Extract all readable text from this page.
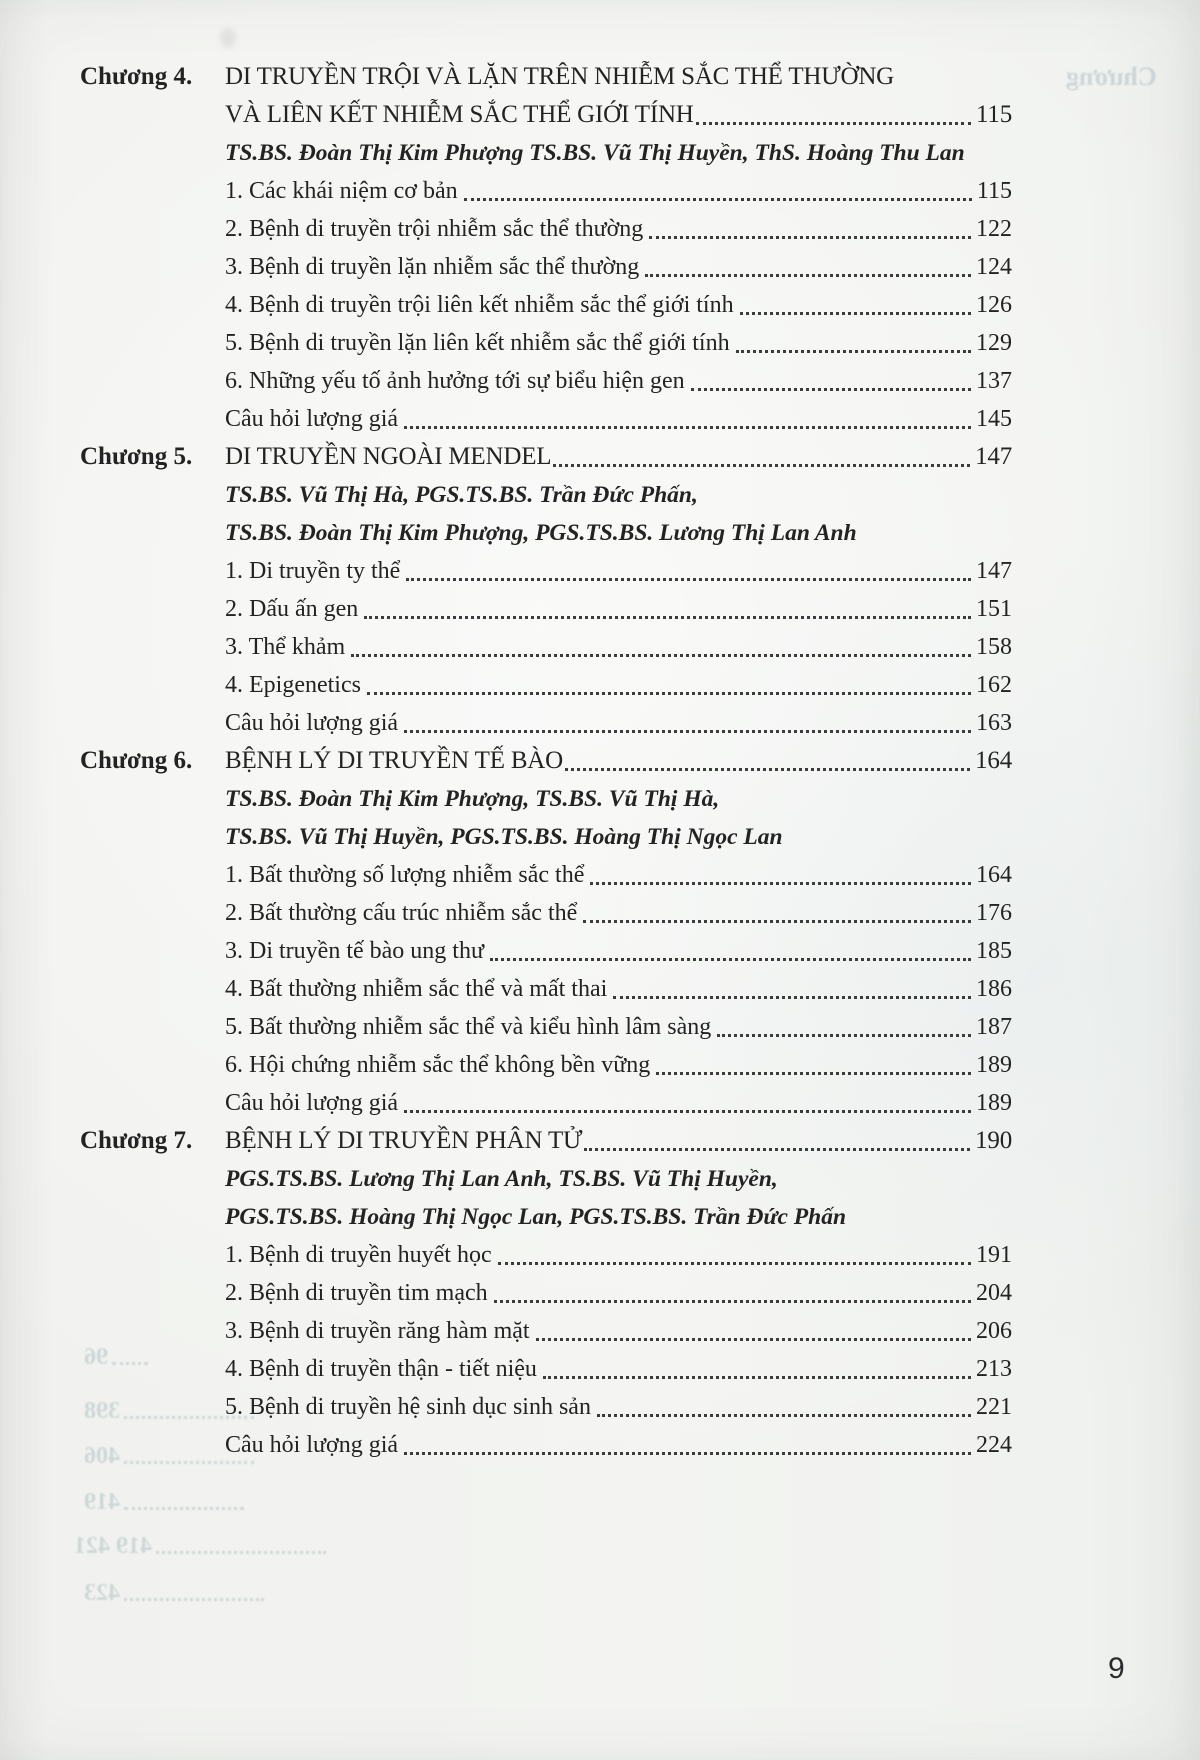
Chương
96
398
406
419
419 421
423
Chương 4.	DI TRUYỀN TRỘI VÀ LẶN TRÊN NHIỄM SẮC THỂ THƯỜNG
VÀ LIÊN KẾT NHIỄM SẮC THỂ GIỚI TÍNH	115
TS.BS. Đoàn Thị Kim Phượng TS.BS. Vũ Thị Huyền, ThS. Hoàng Thu Lan
1. Các khái niệm cơ bản	115
2. Bệnh di truyền trội nhiễm sắc thể thường	122
3. Bệnh di truyền lặn nhiễm sắc thể thường	124
4. Bệnh di truyền trội liên kết nhiễm sắc thể giới tính	126
5. Bệnh di truyền lặn liên kết nhiễm sắc thể giới tính	129
6. Những yếu tố ảnh hưởng tới sự biểu hiện gen	137
Câu hỏi lượng giá	145
Chương 5.	DI TRUYỀN NGOÀI MENDEL	147
TS.BS. Vũ Thị Hà, PGS.TS.BS. Trần Đức Phấn,
TS.BS. Đoàn Thị Kim Phượng, PGS.TS.BS. Lương Thị Lan Anh
1. Di truyền ty thể	147
2. Dấu ấn gen	151
3. Thể khảm	158
4. Epigenetics	162
Câu hỏi lượng giá	163
Chương 6.	BỆNH LÝ DI TRUYỀN TẾ BÀO	164
TS.BS. Đoàn Thị Kim Phượng, TS.BS. Vũ Thị Hà,
TS.BS. Vũ Thị Huyền, PGS.TS.BS. Hoàng Thị Ngọc Lan
1. Bất thường số lượng nhiễm sắc thể	164
2. Bất thường cấu trúc nhiễm sắc thể	176
3. Di truyền tế bào ung thư	185
4. Bất thường nhiễm sắc thể và mất thai	186
5. Bất thường nhiễm sắc thể và kiểu hình lâm sàng	187
6. Hội chứng nhiễm sắc thể không bền vững	189
Câu hỏi lượng giá	189
Chương 7.	BỆNH LÝ DI TRUYỀN PHÂN TỬ	190
PGS.TS.BS. Lương Thị Lan Anh, TS.BS. Vũ Thị Huyền,
PGS.TS.BS. Hoàng Thị Ngọc Lan, PGS.TS.BS. Trần Đức Phấn
1. Bệnh di truyền huyết học	191
2. Bệnh di truyền tim mạch	204
3. Bệnh di truyền răng hàm mặt	206
4. Bệnh di truyền thận - tiết niệu	213
5. Bệnh di truyền hệ sinh dục sinh sản	221
Câu hỏi lượng giá	224
9
